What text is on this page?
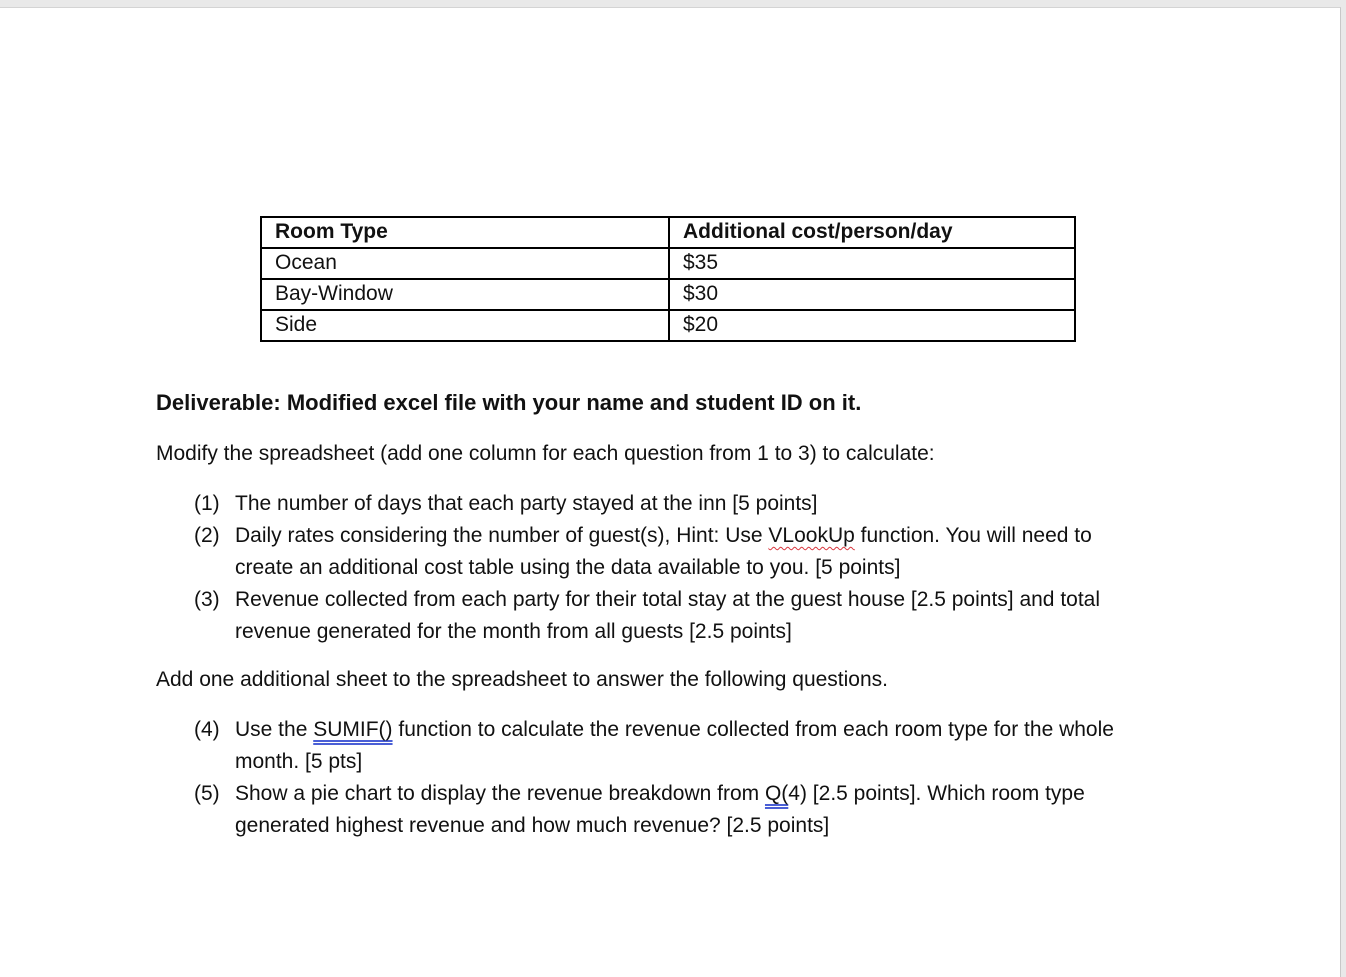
Room Type	Additional cost/person/day
Ocean	$35
Bay-Window	$30
Side	$20

Deliverable: Modified excel file with your name and student ID on it.

Modify the spreadsheet (add one column for each question from 1 to 3) to calculate:

(1) The number of days that each party stayed at the inn [5 points]
(2) Daily rates considering the number of guest(s), Hint: Use VLookUp function. You will need to
create an additional cost table using the data available to you. [5 points]
(3) Revenue collected from each party for their total stay at the guest house [2.5 points] and total
revenue generated for the month from all guests [2.5 points]

Add one additional sheet to the spreadsheet to answer the following questions.

(4) Use the SUMIF() function to calculate the revenue collected from each room type for the whole
month. [5 pts]
(5) Show a pie chart to display the revenue breakdown from Q(4) [2.5 points]. Which room type
generated highest revenue and how much revenue? [2.5 points]
